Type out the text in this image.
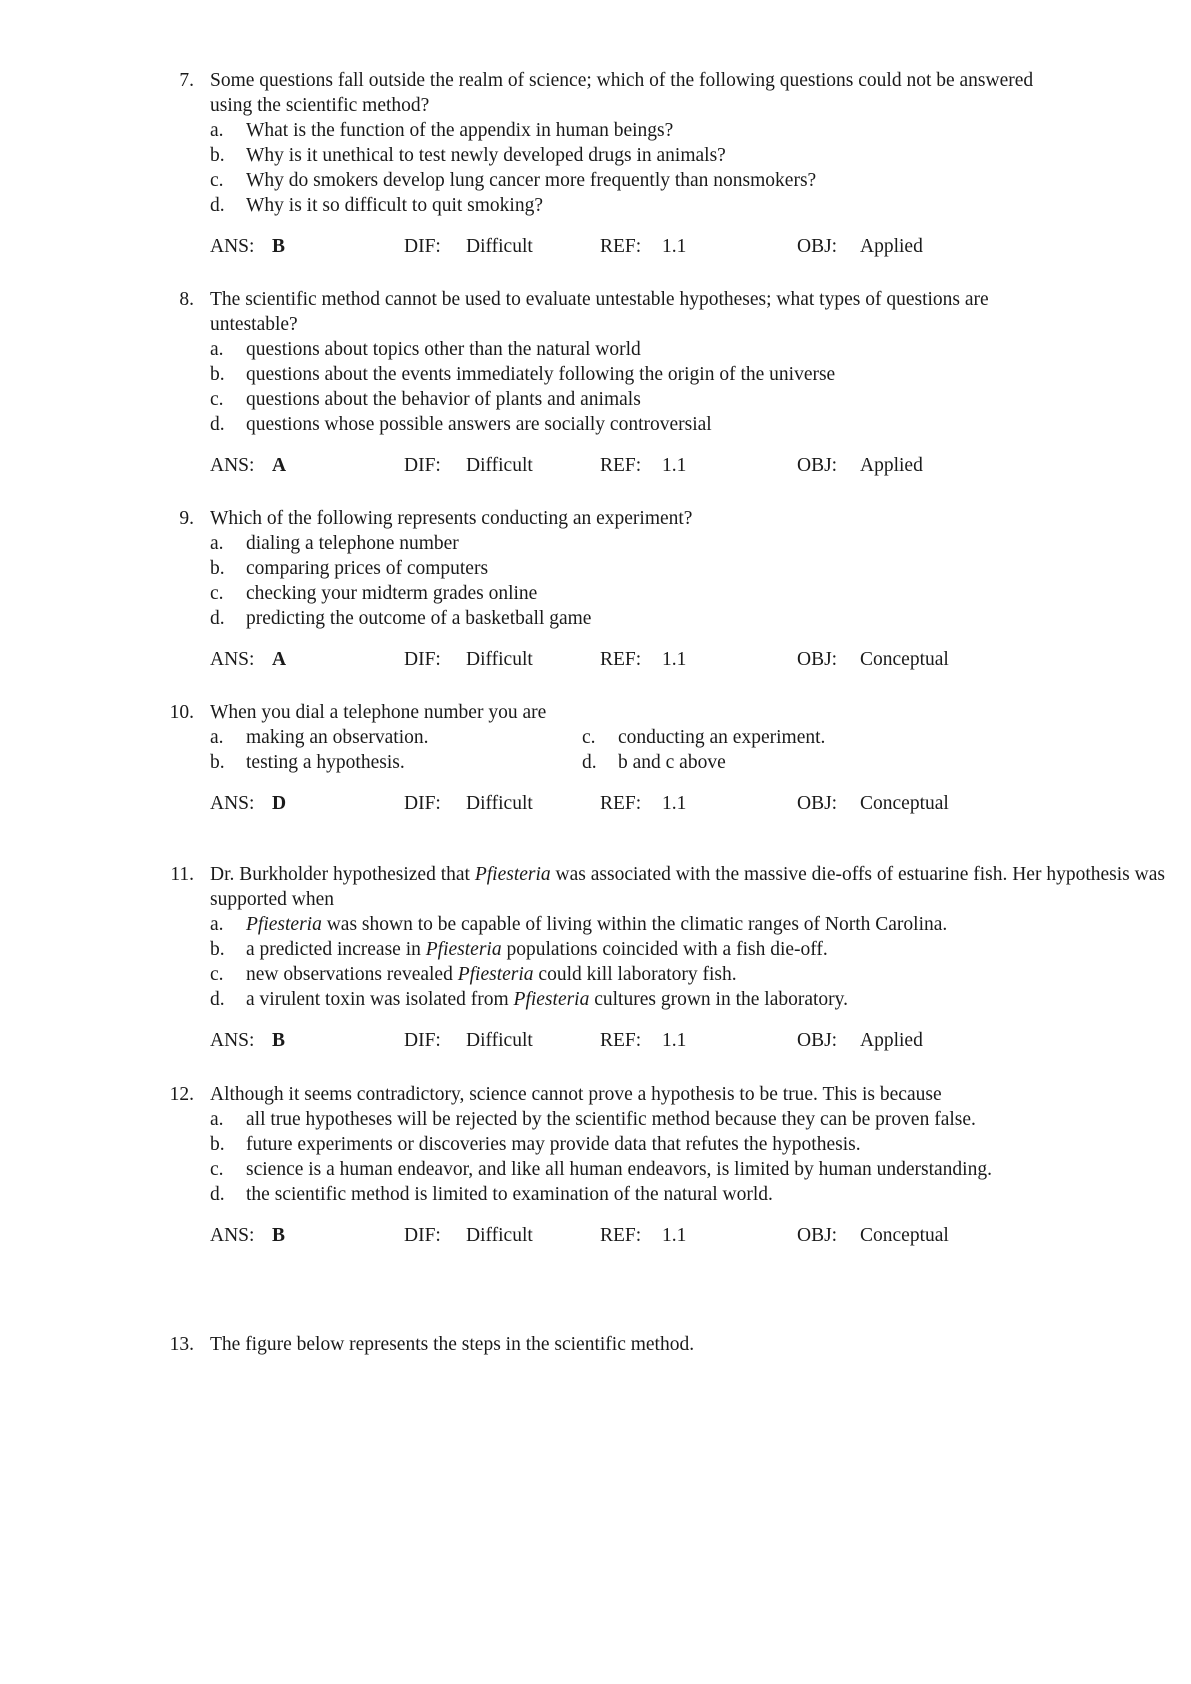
7. Some questions fall outside the realm of science; which of the following questions could not be answered using the scientific method?
a.	What is the function of the appendix in human beings?
b.	Why is it unethical to test newly developed drugs in animals?
c.	Why do smokers develop lung cancer more frequently than nonsmokers?
d.	Why is it so difficult to quit smoking?
ANS: B	DIF: Difficult	REF: 1.1	OBJ: Applied
8. The scientific method cannot be used to evaluate untestable hypotheses; what types of questions are untestable?
a.	questions about topics other than the natural world
b.	questions about the events immediately following the origin of the universe
c.	questions about the behavior of plants and animals
d.	questions whose possible answers are socially controversial
ANS: A	DIF: Difficult	REF: 1.1	OBJ: Applied
9. Which of the following represents conducting an experiment?
a.	dialing a telephone number
b.	comparing prices of computers
c.	checking your midterm grades online
d.	predicting the outcome of a basketball game
ANS: A	DIF: Difficult	REF: 1.1	OBJ: Conceptual
10. When you dial a telephone number you are
a.	making an observation.	c.	conducting an experiment.
b.	testing a hypothesis.	d.	b and c above
ANS: D	DIF: Difficult	REF: 1.1	OBJ: Conceptual
11. Dr. Burkholder hypothesized that Pfiesteria was associated with the massive die-offs of estuarine fish. Her hypothesis was supported when
a.	Pfiesteria was shown to be capable of living within the climatic ranges of North Carolina.
b.	a predicted increase in Pfiesteria populations coincided with a fish die-off.
c.	new observations revealed Pfiesteria could kill laboratory fish.
d.	a virulent toxin was isolated from Pfiesteria cultures grown in the laboratory.
ANS: B	DIF: Difficult	REF: 1.1	OBJ: Applied
12. Although it seems contradictory, science cannot prove a hypothesis to be true. This is because
a.	all true hypotheses will be rejected by the scientific method because they can be proven false.
b.	future experiments or discoveries may provide data that refutes the hypothesis.
c.	science is a human endeavor, and like all human endeavors, is limited by human understanding.
d.	the scientific method is limited to examination of the natural world.
ANS: B	DIF: Difficult	REF: 1.1	OBJ: Conceptual
13. The figure below represents the steps in the scientific method.
